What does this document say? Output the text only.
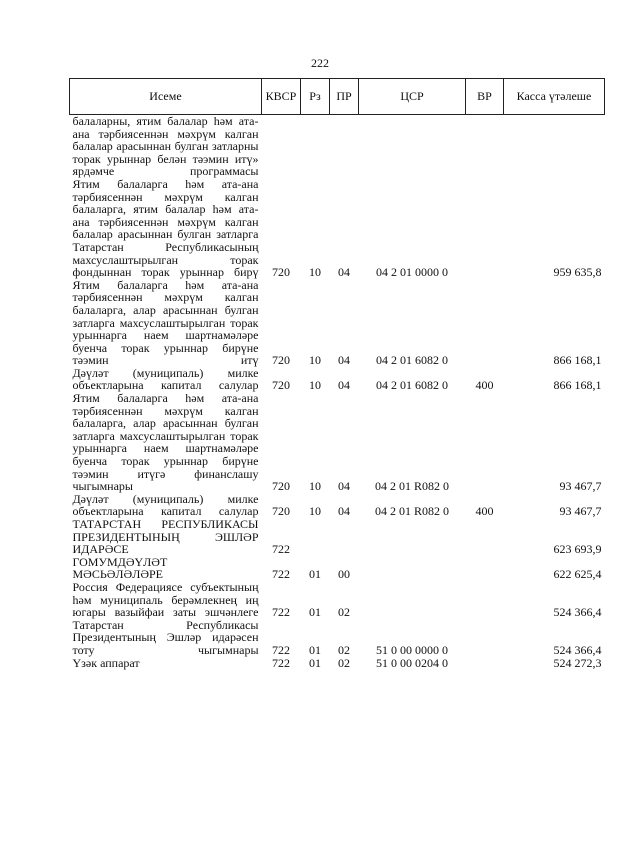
222
Исеме	КВСР	Рз	ПР	ЦСР	ВР	Касса үтәлеше
балаларны, ятим балалар һәм ата-ана тәрбиясеннән мәхрүм калган балалар арасыннан булган затларны торак урыннар белән тәэмин итү» ярдәмче программасы						
Ятим балаларга һәм ата-ана тәрбиясеннән мәхрүм калган балаларга, ятим балалар һәм ата-ана тәрбиясеннән мәхрүм калган балалар арасыннан булган затларга Татарстан Республикасының махсуслаштырылган торак фондыннан торак урыннар бирү	720	10	04	04 2 01 0000 0		959 635,8
Ятим балаларга һәм ата-ана тәрбиясеннән мәхрүм калган балаларга, алар арасыннан булган затларга махсуслаштырылган торак урыннарга наем шартнамәләре буенча торак урыннар бирүне тәэмин итү	720	10	04	04 2 01 6082 0		866 168,1
Дәүләт (муниципаль) милке объектларына капитал салулар	720	10	04	04 2 01 6082 0	400	866 168,1
Ятим балаларга һәм ата-ана тәрбиясеннән мәхрүм калган балаларга, алар арасыннан булган затларга махсуслаштырылган торак урыннарга наем шартнамәләре буенча торак урыннар бирүне тәэмин итүгә финанслашу чыгымнары	720	10	04	04 2 01 R082 0		93 467,7
Дәүләт (муниципаль) милке объектларына капитал салулар	720	10	04	04 2 01 R082 0	400	93 467,7
ТАТАРСТАН РЕСПУБЛИКАСЫ ПРЕЗИДЕНТЫНЫҢ ЭШЛӘР ИДАРӘСЕ	722					623 693,9
ГОМУМДӘҮЛӘТ МӘСЬӘЛӘЛӘРЕ	722	01	00			622 625,4
Россия Федерациясе субъектының һәм муниципаль берәмлекнең иң югары вазыйфаи заты эшчәнлеге	722	01	02			524 366,4
Татарстан Республикасы Президентының Эшләр идарәсен тоту чыгымнары	722	01	02	51 0 00 0000 0		524 366,4
Үзәк аппарат	722	01	02	51 0 00 0204 0		524 272,3
